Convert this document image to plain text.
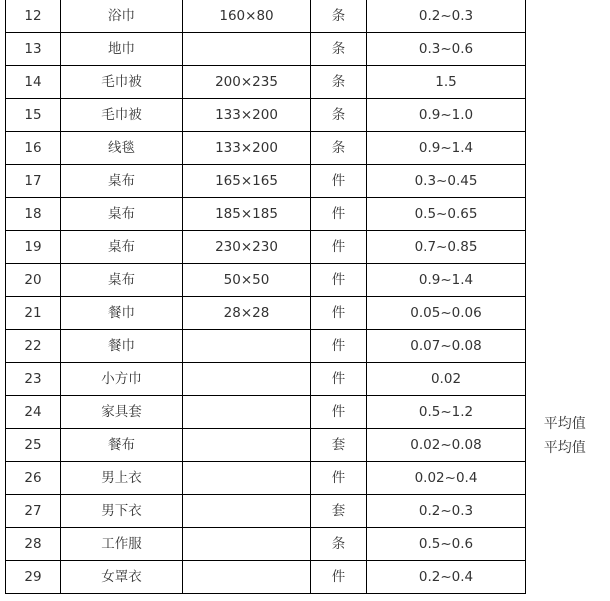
12	浴巾	160×80	条	0.2~0.3	平均值
平均值

13	地巾		条	0.3~0.6	
14	毛巾被	200×235	条	1.5	
15	毛巾被	133×200	条	0.9~1.0	
16	线毯	133×200	条	0.9~1.4	
17	桌布	165×165	件	0.3~0.45	
18	桌布	185×185	件	0.5~0.65	
19	桌布	230×230	件	0.7~0.85	
20	桌布	50×50	件	0.9~1.4	
21	餐巾	28×28	件	0.05~0.06	
22	餐巾		件	0.07~0.08	
23	小方巾		件	0.02	
24	家具套		件	0.5~1.2	
25	餐布		套	0.02~0.08	
26	男上衣		件	0.02~0.4	
27	男下衣		套	0.2~0.3	
28	工作服		条	0.5~0.6	
29	女罩衣		件	0.2~0.4	
